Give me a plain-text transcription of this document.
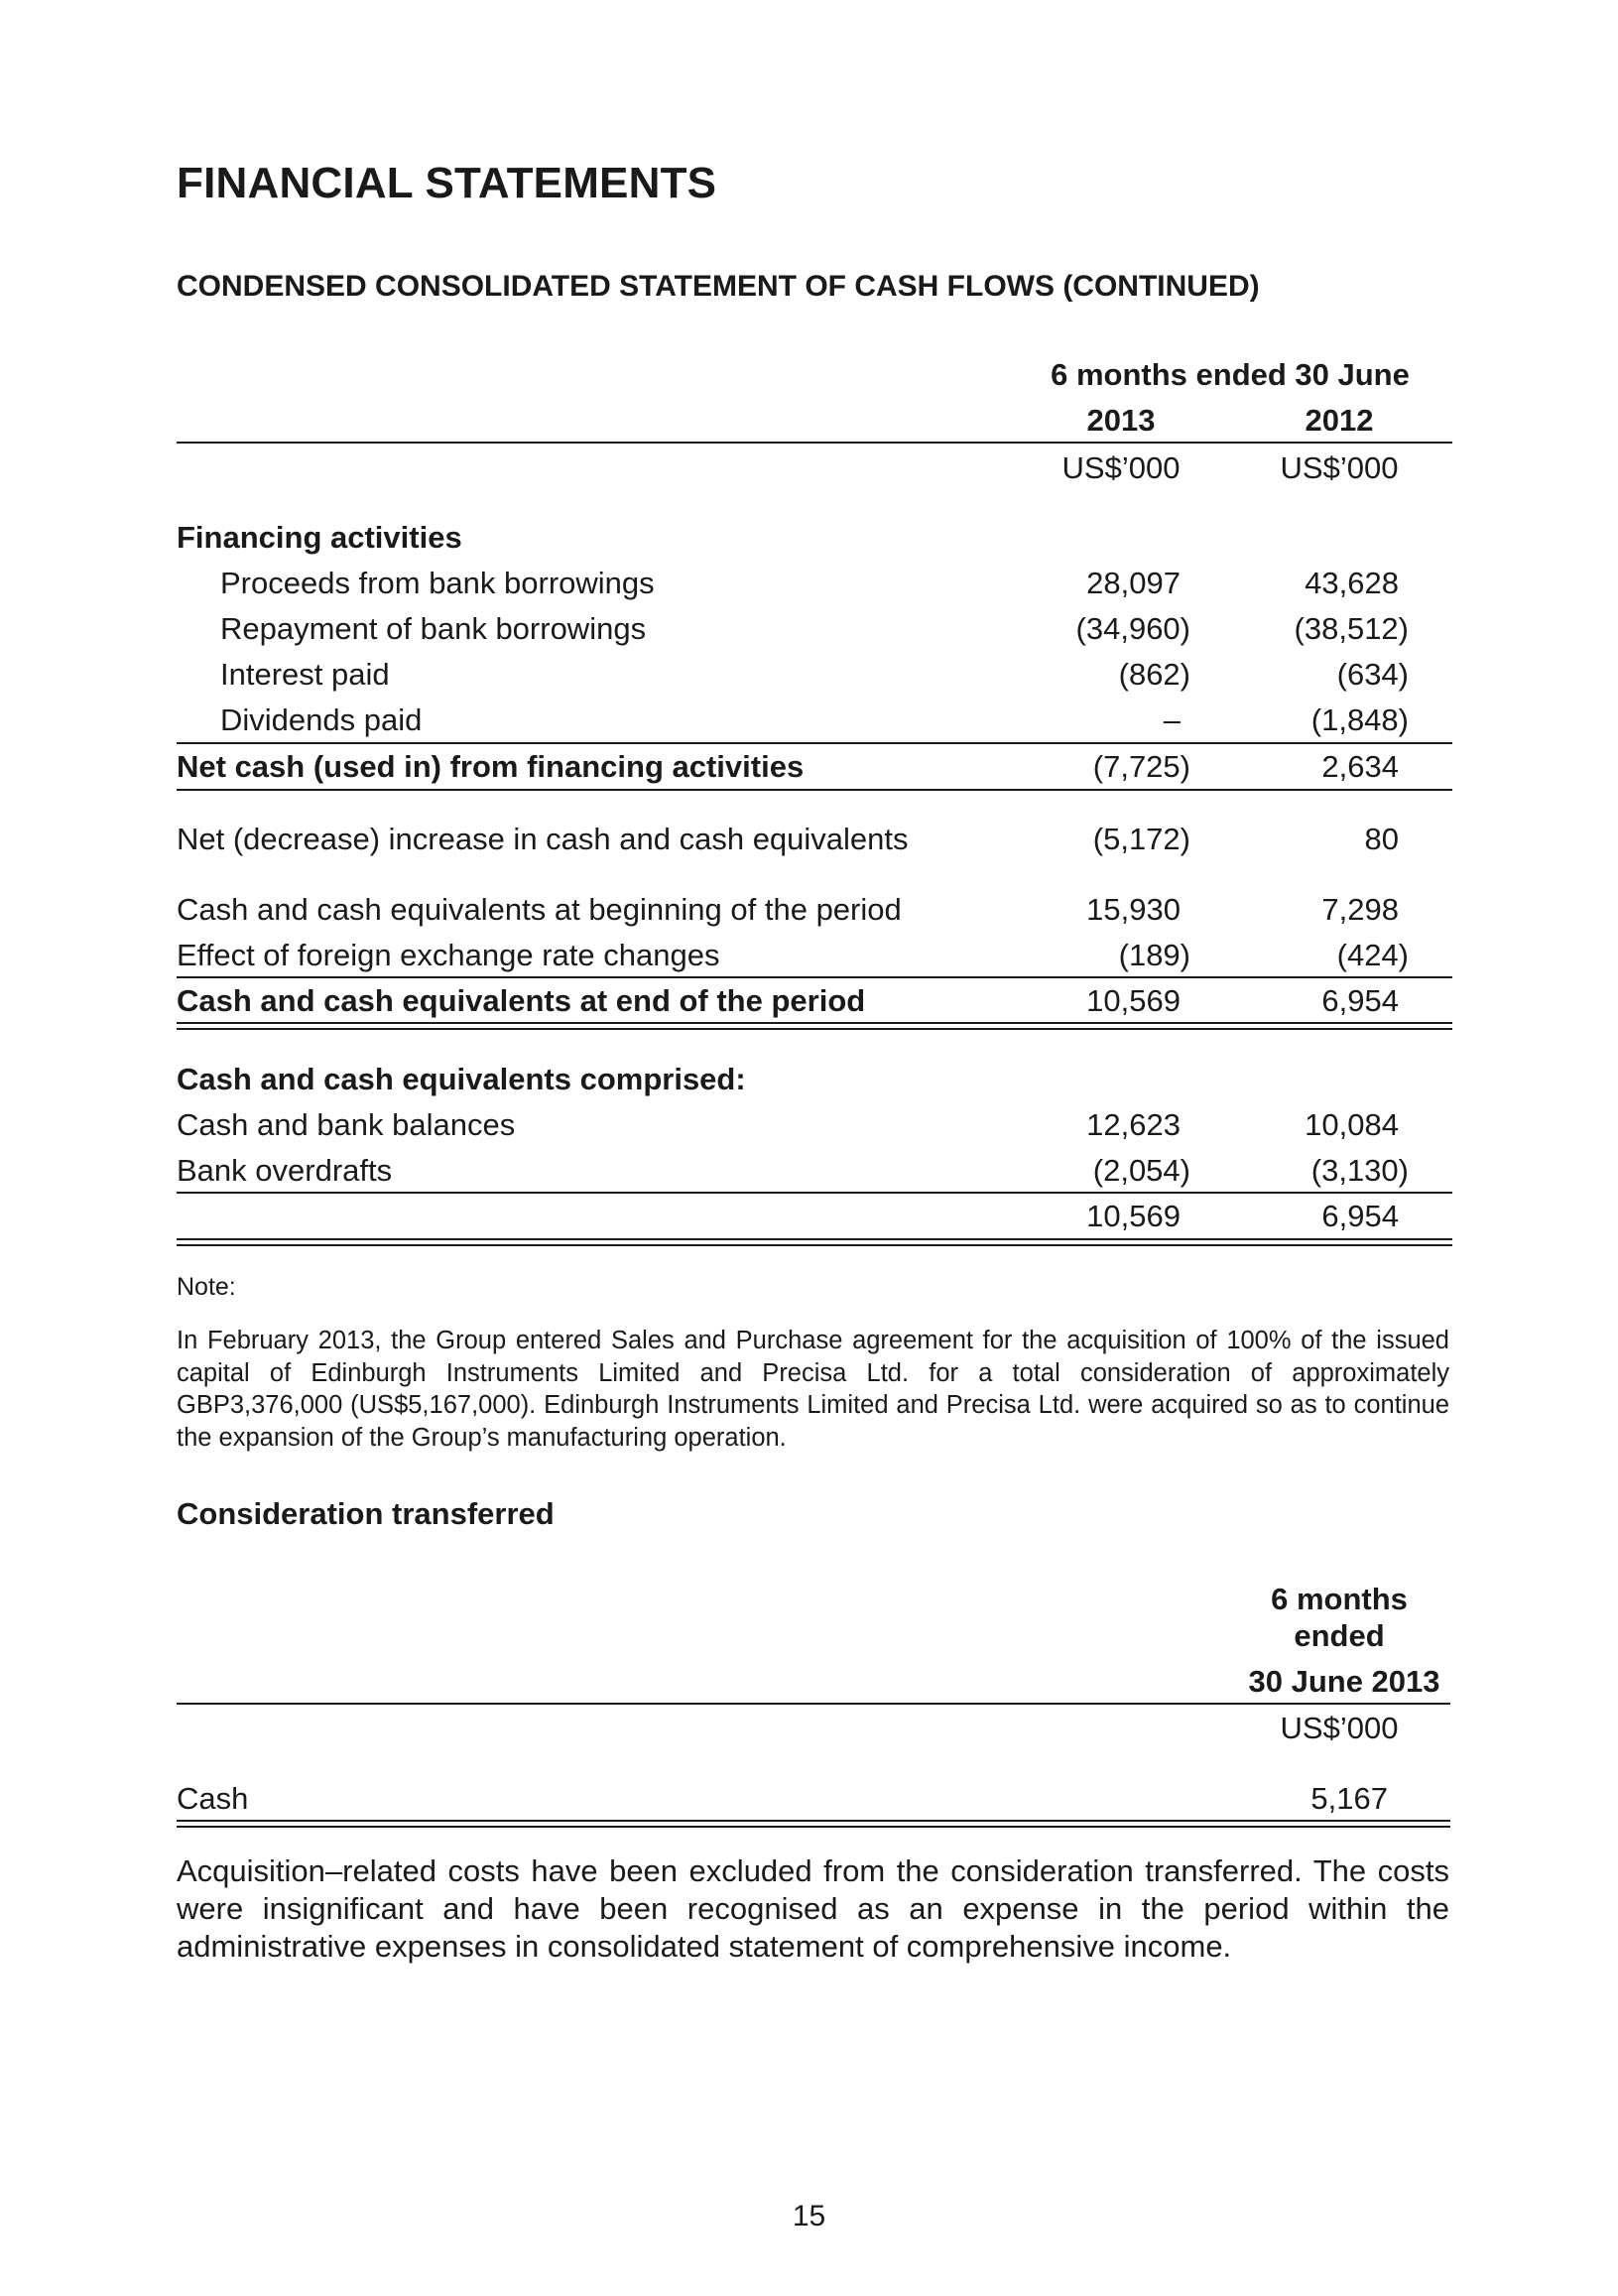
FINANCIAL STATEMENTS
CONDENSED CONSOLIDATED STATEMENT OF CASH FLOWS (CONTINUED)
6 months ended 30 June
2013	2012
US$’000	US$’000
Financing activities
Proceeds from bank borrowings	28,097	43,628
Repayment of bank borrowings	(34,960)	(38,512)
Interest paid	(862)	(634)
Dividends paid	–	(1,848)
Net cash (used in) from financing activities	(7,725)	2,634
Net (decrease) increase in cash and cash equivalents	(5,172)	80
Cash and cash equivalents at beginning of the period	15,930	7,298
Effect of foreign exchange rate changes	(189)	(424)
Cash and cash equivalents at end of the period	10,569	6,954
Cash and cash equivalents comprised:
Cash and bank balances	12,623	10,084
Bank overdrafts	(2,054)	(3,130)
10,569	6,954
Note:
In February 2013, the Group entered Sales and Purchase agreement for the acquisition of 100% of the issued capital of Edinburgh Instruments Limited and Precisa Ltd. for a total consideration of approximately GBP3,376,000 (US$5,167,000). Edinburgh Instruments Limited and Precisa Ltd. were acquired so as to continue the expansion of the Group’s manufacturing operation.
Consideration transferred
6 months
ended
30 June 2013
US$’000
Cash	5,167
Acquisition–related costs have been excluded from the consideration transferred. The costs were insignificant and have been recognised as an expense in the period within the administrative expenses in consolidated statement of comprehensive income.
15
